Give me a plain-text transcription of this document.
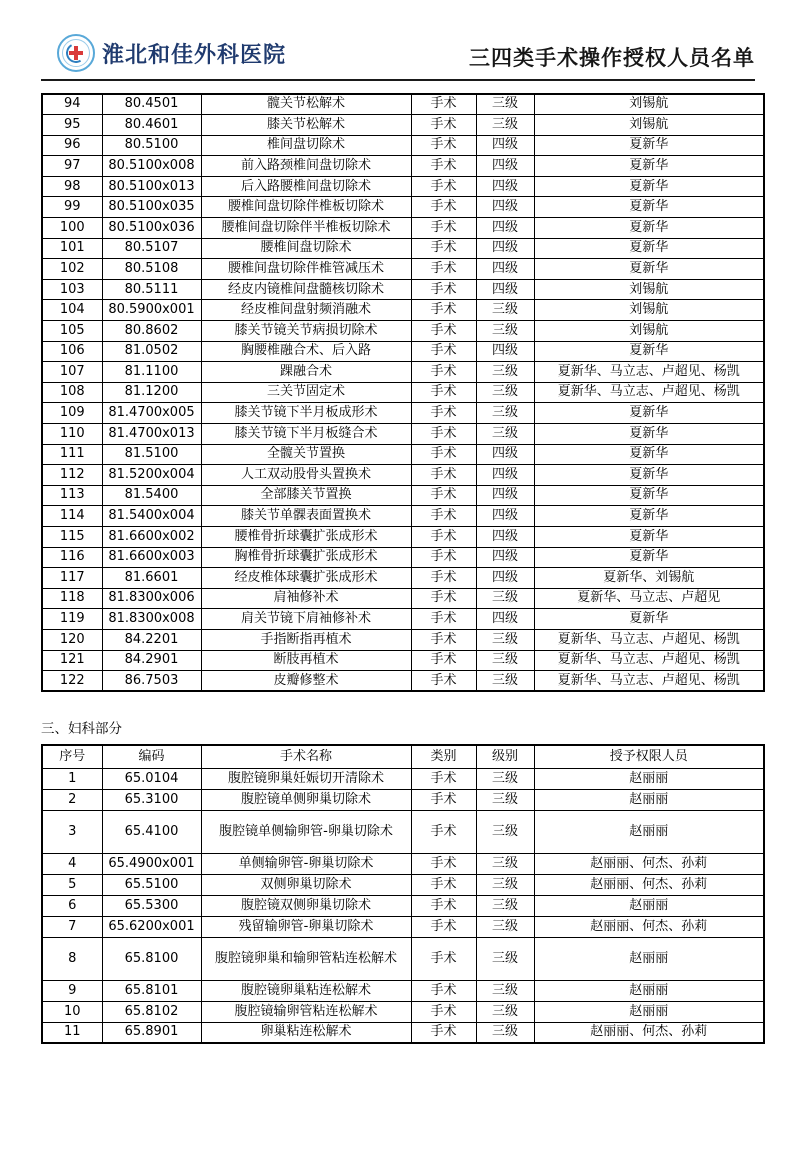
淮北和佳外科医院	三四类手术操作授权人员名单
94	80.4501	髋关节松解术	手术	三级	刘锡航
95	80.4601	膝关节松解术	手术	三级	刘锡航
96	80.5100	椎间盘切除术	手术	四级	夏新华
97	80.5100x008	前入路颈椎间盘切除术	手术	四级	夏新华
98	80.5100x013	后入路腰椎间盘切除术	手术	四级	夏新华
99	80.5100x035	腰椎间盘切除伴椎板切除术	手术	四级	夏新华
100	80.5100x036	腰椎间盘切除伴半椎板切除术	手术	四级	夏新华
101	80.5107	腰椎间盘切除术	手术	四级	夏新华
102	80.5108	腰椎间盘切除伴椎管减压术	手术	四级	夏新华
103	80.5111	经皮内镜椎间盘髓核切除术	手术	四级	刘锡航
104	80.5900x001	经皮椎间盘射频消融术	手术	三级	刘锡航
105	80.8602	膝关节镜关节病损切除术	手术	三级	刘锡航
106	81.0502	胸腰椎融合术、后入路	手术	四级	夏新华
107	81.1100	踝融合术	手术	三级	夏新华、马立志、卢超见、杨凯
108	81.1200	三关节固定术	手术	三级	夏新华、马立志、卢超见、杨凯
109	81.4700x005	膝关节镜下半月板成形术	手术	三级	夏新华
110	81.4700x013	膝关节镜下半月板缝合术	手术	三级	夏新华
111	81.5100	全髋关节置换	手术	四级	夏新华
112	81.5200x004	人工双动股骨头置换术	手术	四级	夏新华
113	81.5400	全部膝关节置换	手术	四级	夏新华
114	81.5400x004	膝关节单髁表面置换术	手术	四级	夏新华
115	81.6600x002	腰椎骨折球囊扩张成形术	手术	四级	夏新华
116	81.6600x003	胸椎骨折球囊扩张成形术	手术	四级	夏新华
117	81.6601	经皮椎体球囊扩张成形术	手术	四级	夏新华、刘锡航
118	81.8300x006	肩袖修补术	手术	三级	夏新华、马立志、卢超见
119	81.8300x008	肩关节镜下肩袖修补术	手术	四级	夏新华
120	84.2201	手指断指再植术	手术	三级	夏新华、马立志、卢超见、杨凯
121	84.2901	断肢再植术	手术	三级	夏新华、马立志、卢超见、杨凯
122	86.7503	皮瓣修整术	手术	三级	夏新华、马立志、卢超见、杨凯
三、妇科部分
序号	编码	手术名称	类别	级别	授予权限人员
1	65.0104	腹腔镜卵巢妊娠切开清除术	手术	三级	赵丽丽
2	65.3100	腹腔镜单侧卵巢切除术	手术	三级	赵丽丽
3	65.4100	腹腔镜单侧输卵管-卵巢切除术	手术	三级	赵丽丽
4	65.4900x001	单侧输卵管-卵巢切除术	手术	三级	赵丽丽、何杰、孙莉
5	65.5100	双侧卵巢切除术	手术	三级	赵丽丽、何杰、孙莉
6	65.5300	腹腔镜双侧卵巢切除术	手术	三级	赵丽丽
7	65.6200x001	残留输卵管-卵巢切除术	手术	三级	赵丽丽、何杰、孙莉
8	65.8100	腹腔镜卵巢和输卵管粘连松解术	手术	三级	赵丽丽
9	65.8101	腹腔镜卵巢粘连松解术	手术	三级	赵丽丽
10	65.8102	腹腔镜输卵管粘连松解术	手术	三级	赵丽丽
11	65.8901	卵巢粘连松解术	手术	三级	赵丽丽、何杰、孙莉
